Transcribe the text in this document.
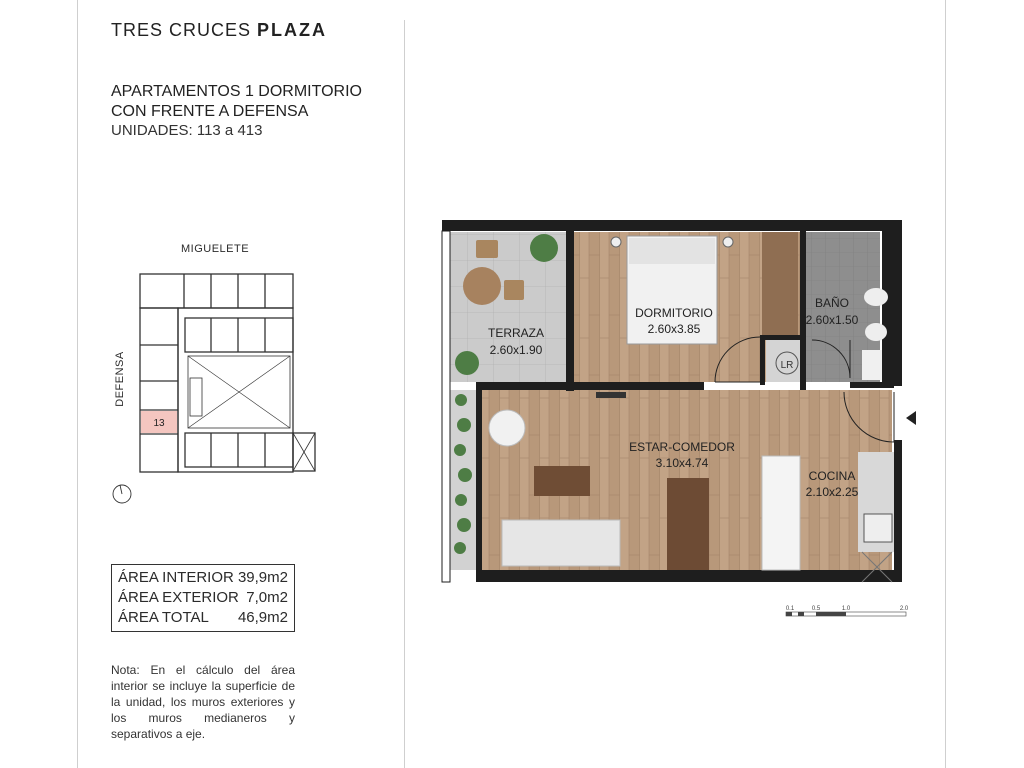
TRES CRUCES PLAZA
APARTAMENTOS 1 DORMITORIO
CON FRENTE A DEFENSA
UNIDADES: 113 a 413
MIGUELETE
DEFENSA
13
LR
TERRAZA
2.60x1.90
DORMITORIO
2.60x3.85
BAÑO
2.60x1.50
ESTAR-COMEDOR
3.10x4.74
COCINA
2.10x2.25
0.1	0.5	1.0	2.0
ÁREA INTERIOR 39,9m2
ÁREA EXTERIOR 7,0m2
ÁREA TOTAL 46,9m2
Nota: En el cálculo del área interior se incluye la superficie de la unidad, los muros exteriores y los muros medianeros y separativos a eje.
